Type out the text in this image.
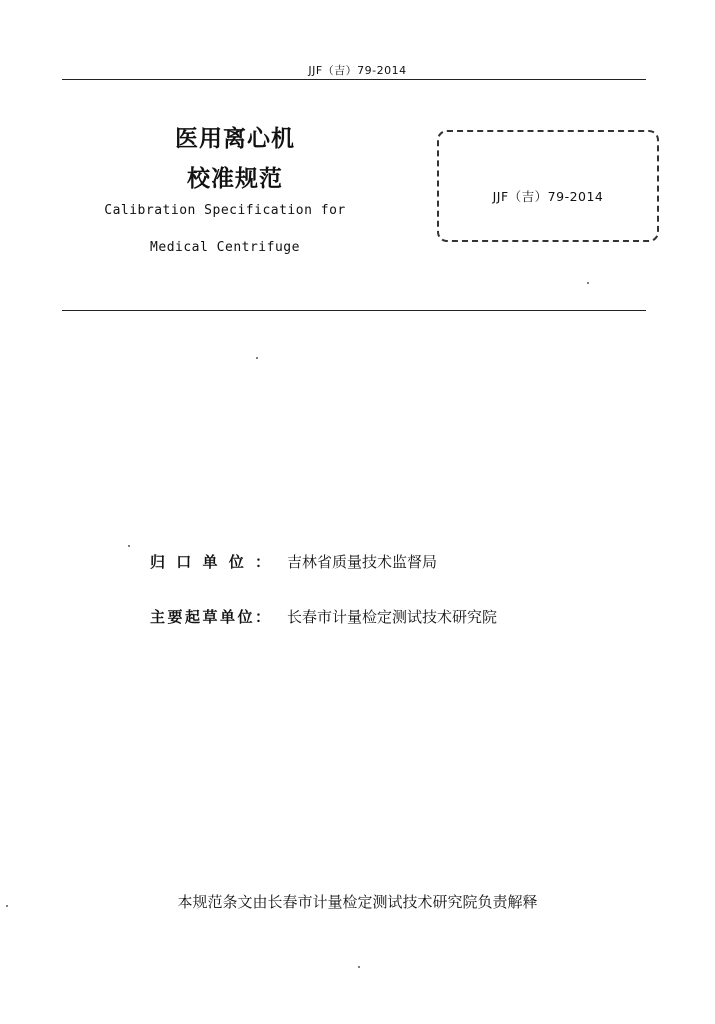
JJF（吉）79-2014
医用离心机
校准规范
Calibration Specification for
Medical Centrifuge
JJF（吉）79-2014
归口单位： 吉林省质量技术监督局
主要起草单位： 长春市计量检定测试技术研究院
本规范条文由长春市计量检定测试技术研究院负责解释
